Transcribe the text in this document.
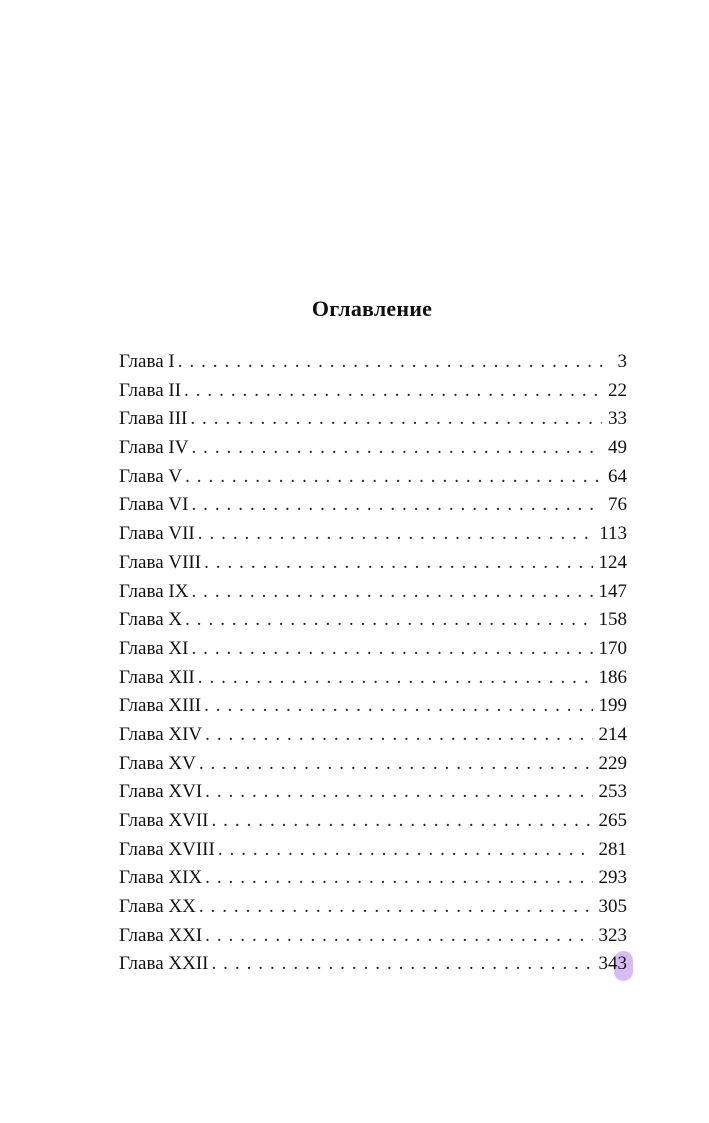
Оглавление
Глава I . . .	3
Глава II . . .	22
Глава III . . .	33
Глава IV . . .	49
Глава V . . .	64
Глава VI . . .	76
Глава VII . . .	113
Глава VIII . . .	124
Глава IX . . .	147
Глава X . . .	158
Глава XI . . .	170
Глава XII . . .	186
Глава XIII . . .	199
Глава XIV . . .	214
Глава XV . . .	229
Глава XVI . . .	253
Глава XVII . . .	265
Глава XVIII . . .	281
Глава XIX . . .	293
Глава XX . . .	305
Глава XXI . . .	323
Глава XXII . . .	343
